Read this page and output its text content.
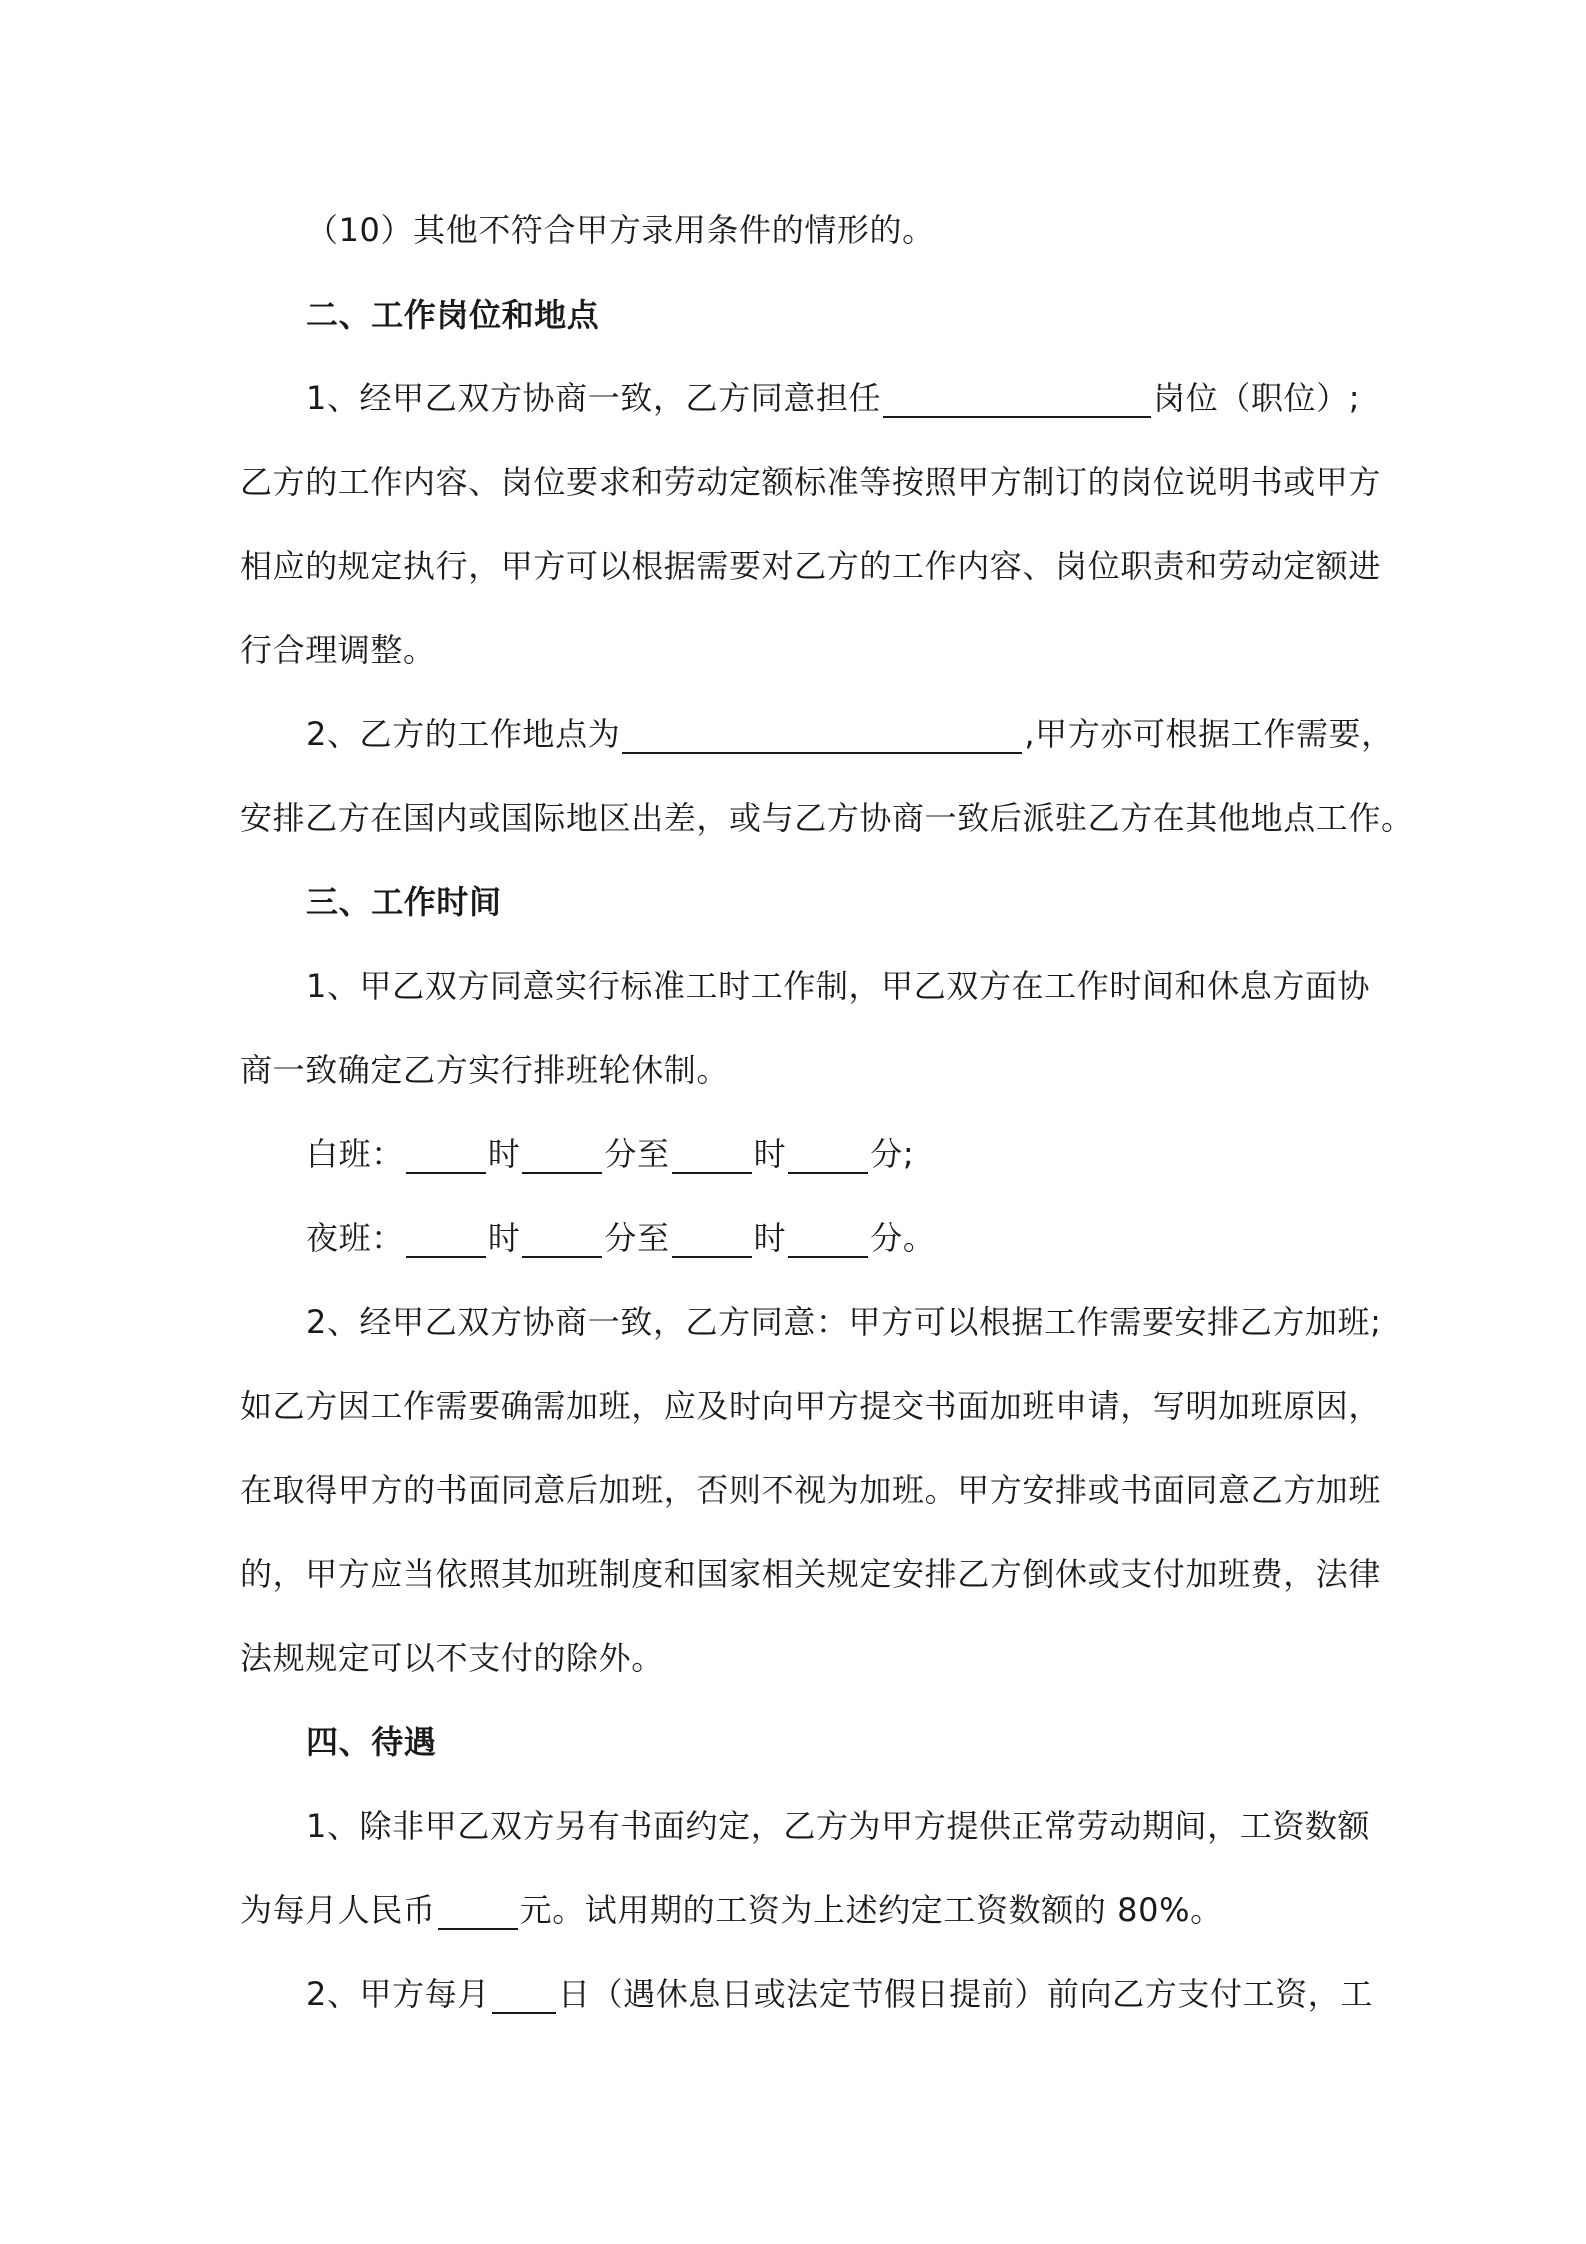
（10）其他不符合甲方录用条件的情形的。
二、工作岗位和地点
1、经甲乙双方协商一致，乙方同意担任	岗位（职位）;
乙方的工作内容、岗位要求和劳动定额标准等按照甲方制订的岗位说明书或甲方
相应的规定执行，甲方可以根据需要对乙方的工作内容、岗位职责和劳动定额进
行合理调整。
2、乙方的工作地点为	,甲方亦可根据工作需要，
安排乙方在国内或国际地区出差，或与乙方协商一致后派驻乙方在其他地点工作。
三、工作时间
1、甲乙双方同意实行标准工时工作制，甲乙双方在工作时间和休息方面协
商一致确定乙方实行排班轮休制。
白班：	时	分至	时	分;
夜班：	时	分至	时	分。
2、经甲乙双方协商一致，乙方同意：甲方可以根据工作需要安排乙方加班;
如乙方因工作需要确需加班，应及时向甲方提交书面加班申请，写明加班原因，
在取得甲方的书面同意后加班，否则不视为加班。甲方安排或书面同意乙方加班
的，甲方应当依照其加班制度和国家相关规定安排乙方倒休或支付加班费，法律
法规规定可以不支付的除外。
四、待遇
1、除非甲乙双方另有书面约定，乙方为甲方提供正常劳动期间，工资数额
为每月人民币	元。试用期的工资为上述约定工资数额的 80%。
2、甲方每月 日（遇休息日或法定节假日提前）前向乙方支付工资，工
